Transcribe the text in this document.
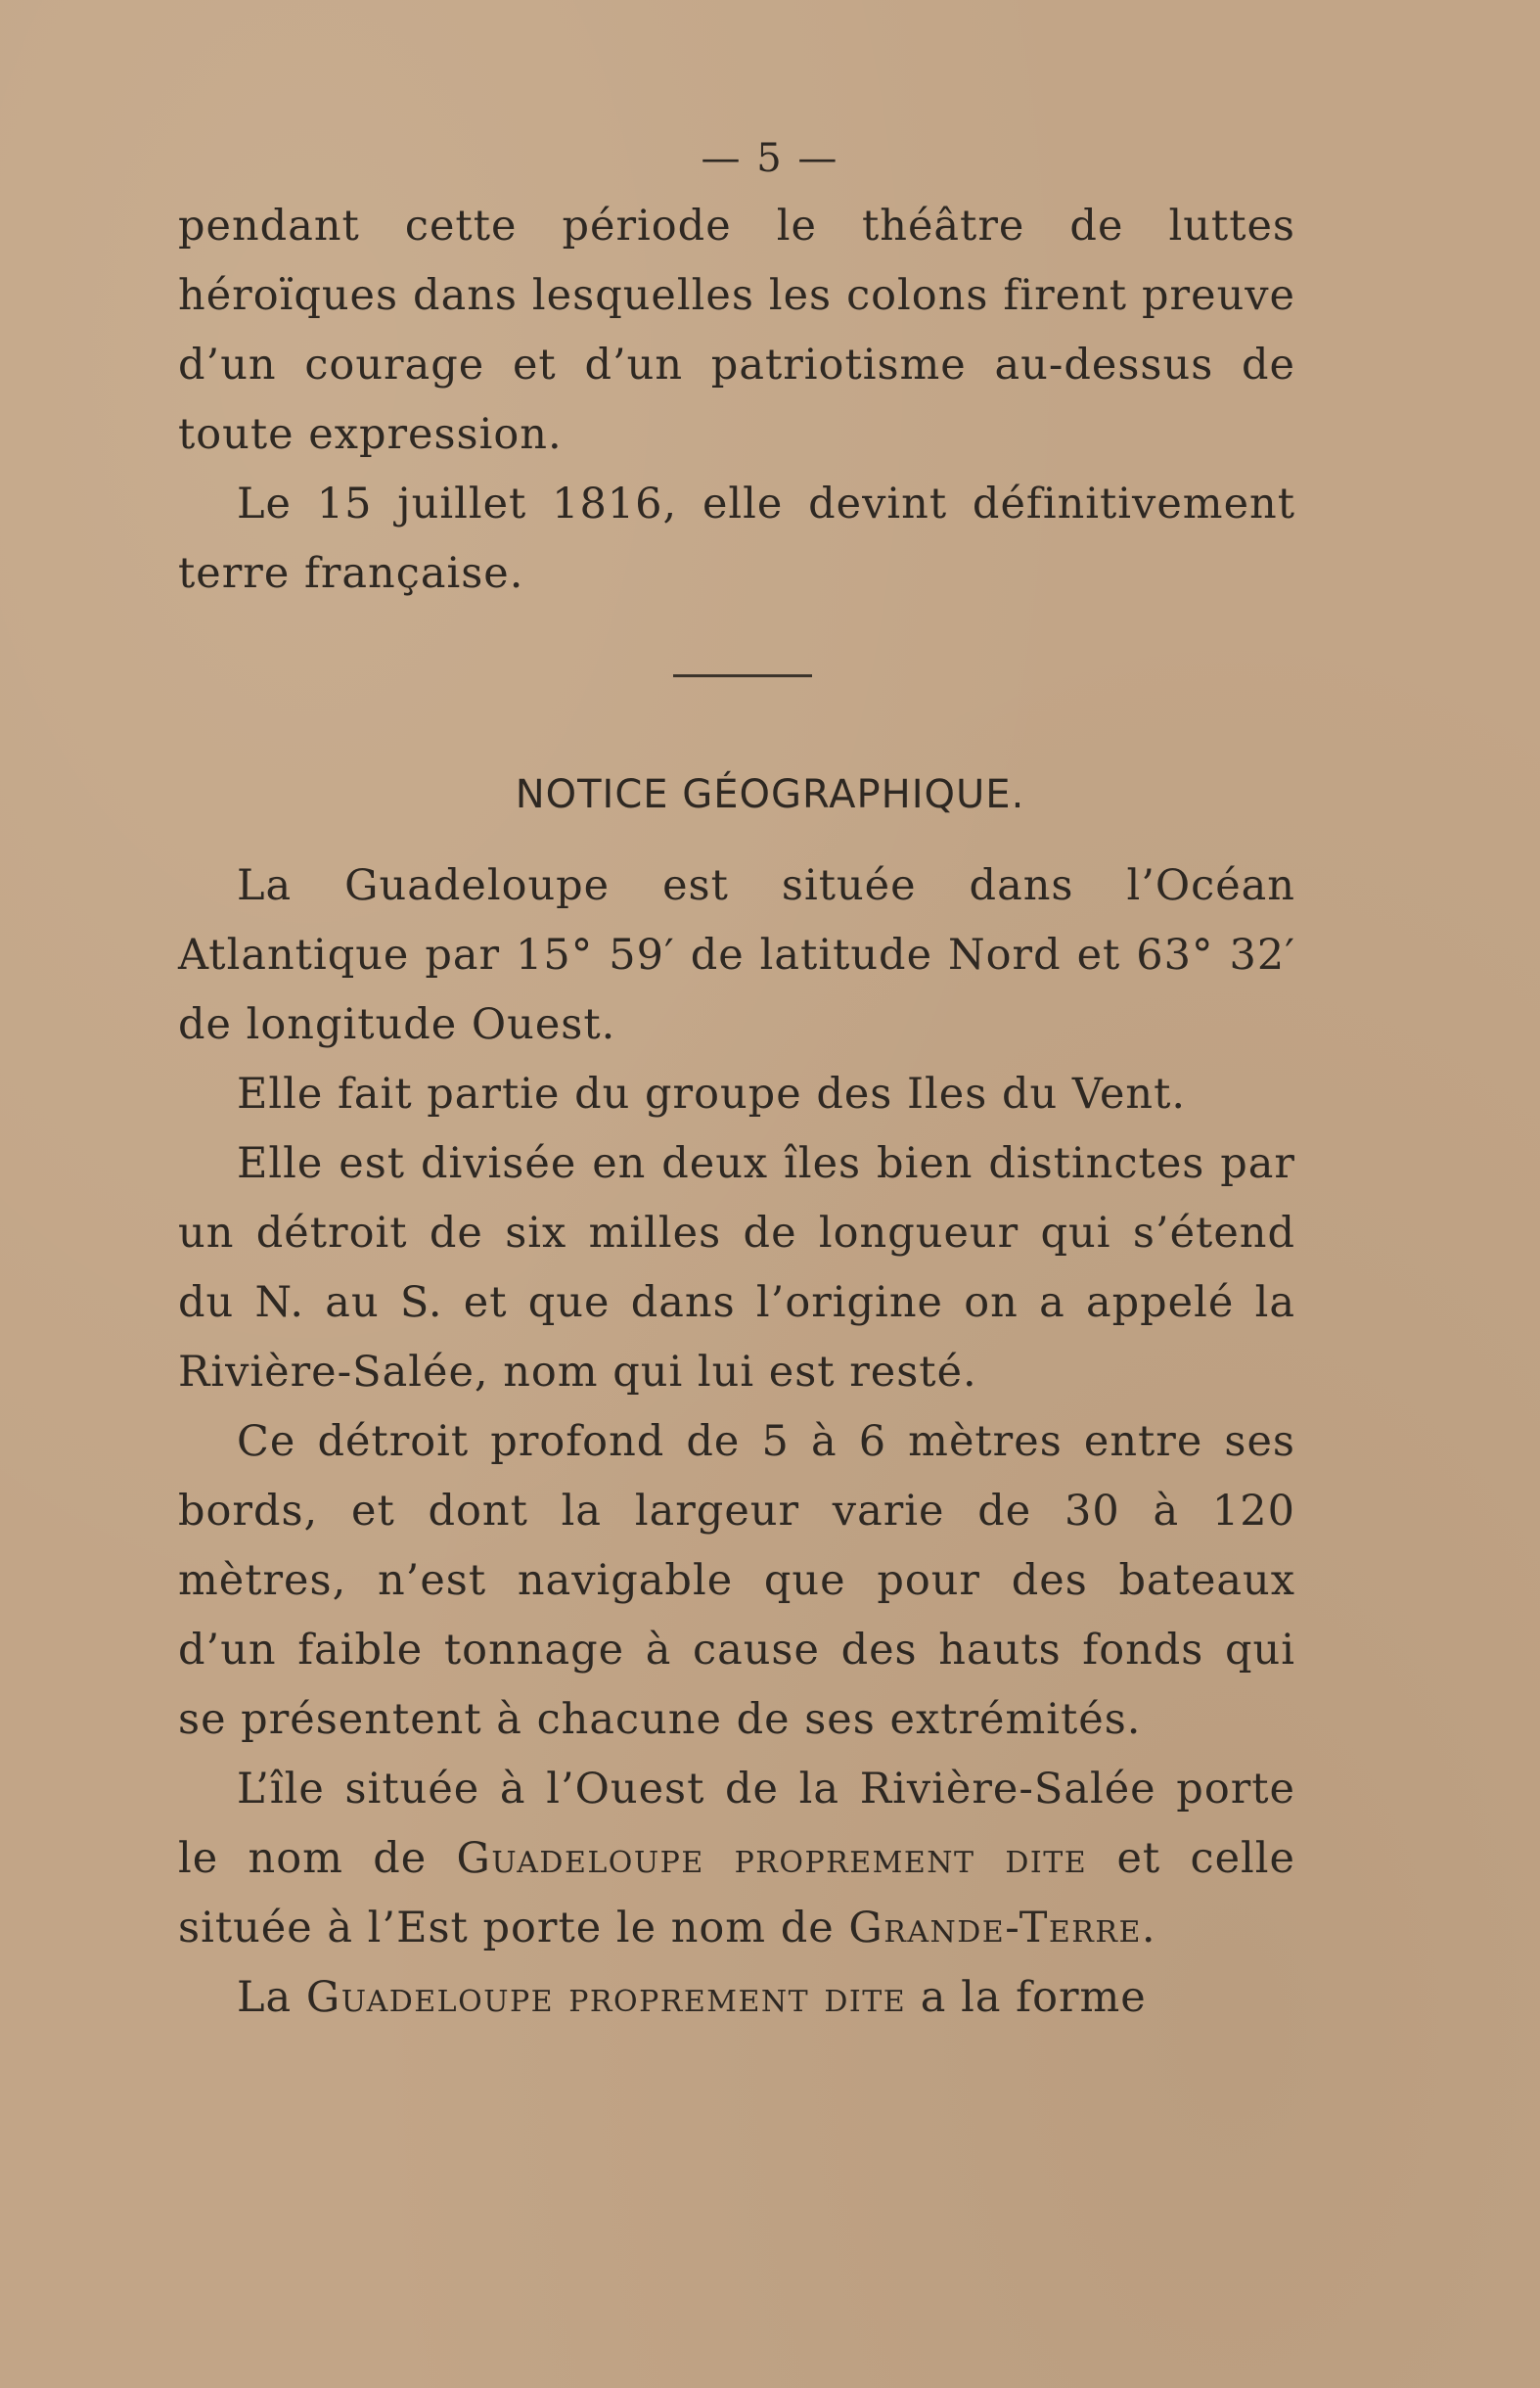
— 5 —

pendant cette période le théâtre de luttes héroïques dans lesquelles les colons firent preuve d’un courage et d’un patriotisme au-dessus de toute expression.

Le 15 juillet 1816, elle devint définitivement terre française.

NOTICE GÉOGRAPHIQUE.

La Guadeloupe est située dans l’Océan Atlantique par 15° 59′ de latitude Nord et 63° 32′ de longitude Ouest.

Elle fait partie du groupe des Iles du Vent.

Elle est divisée en deux îles bien distinctes par un détroit de six milles de longueur qui s’étend du N. au S. et que dans l’origine on a appelé la Rivière-Salée, nom qui lui est resté.

Ce détroit profond de 5 à 6 mètres entre ses bords, et dont la largeur varie de 30 à 120 mètres, n’est navigable que pour des bateaux d’un faible tonnage à cause des hauts fonds qui se présentent à chacune de ses extrémités.

L’île située à l’Ouest de la Rivière-Salée porte le nom de Guadeloupe proprement dite et celle située à l’Est porte le nom de Grande-Terre.

La Guadeloupe proprement dite a la forme
